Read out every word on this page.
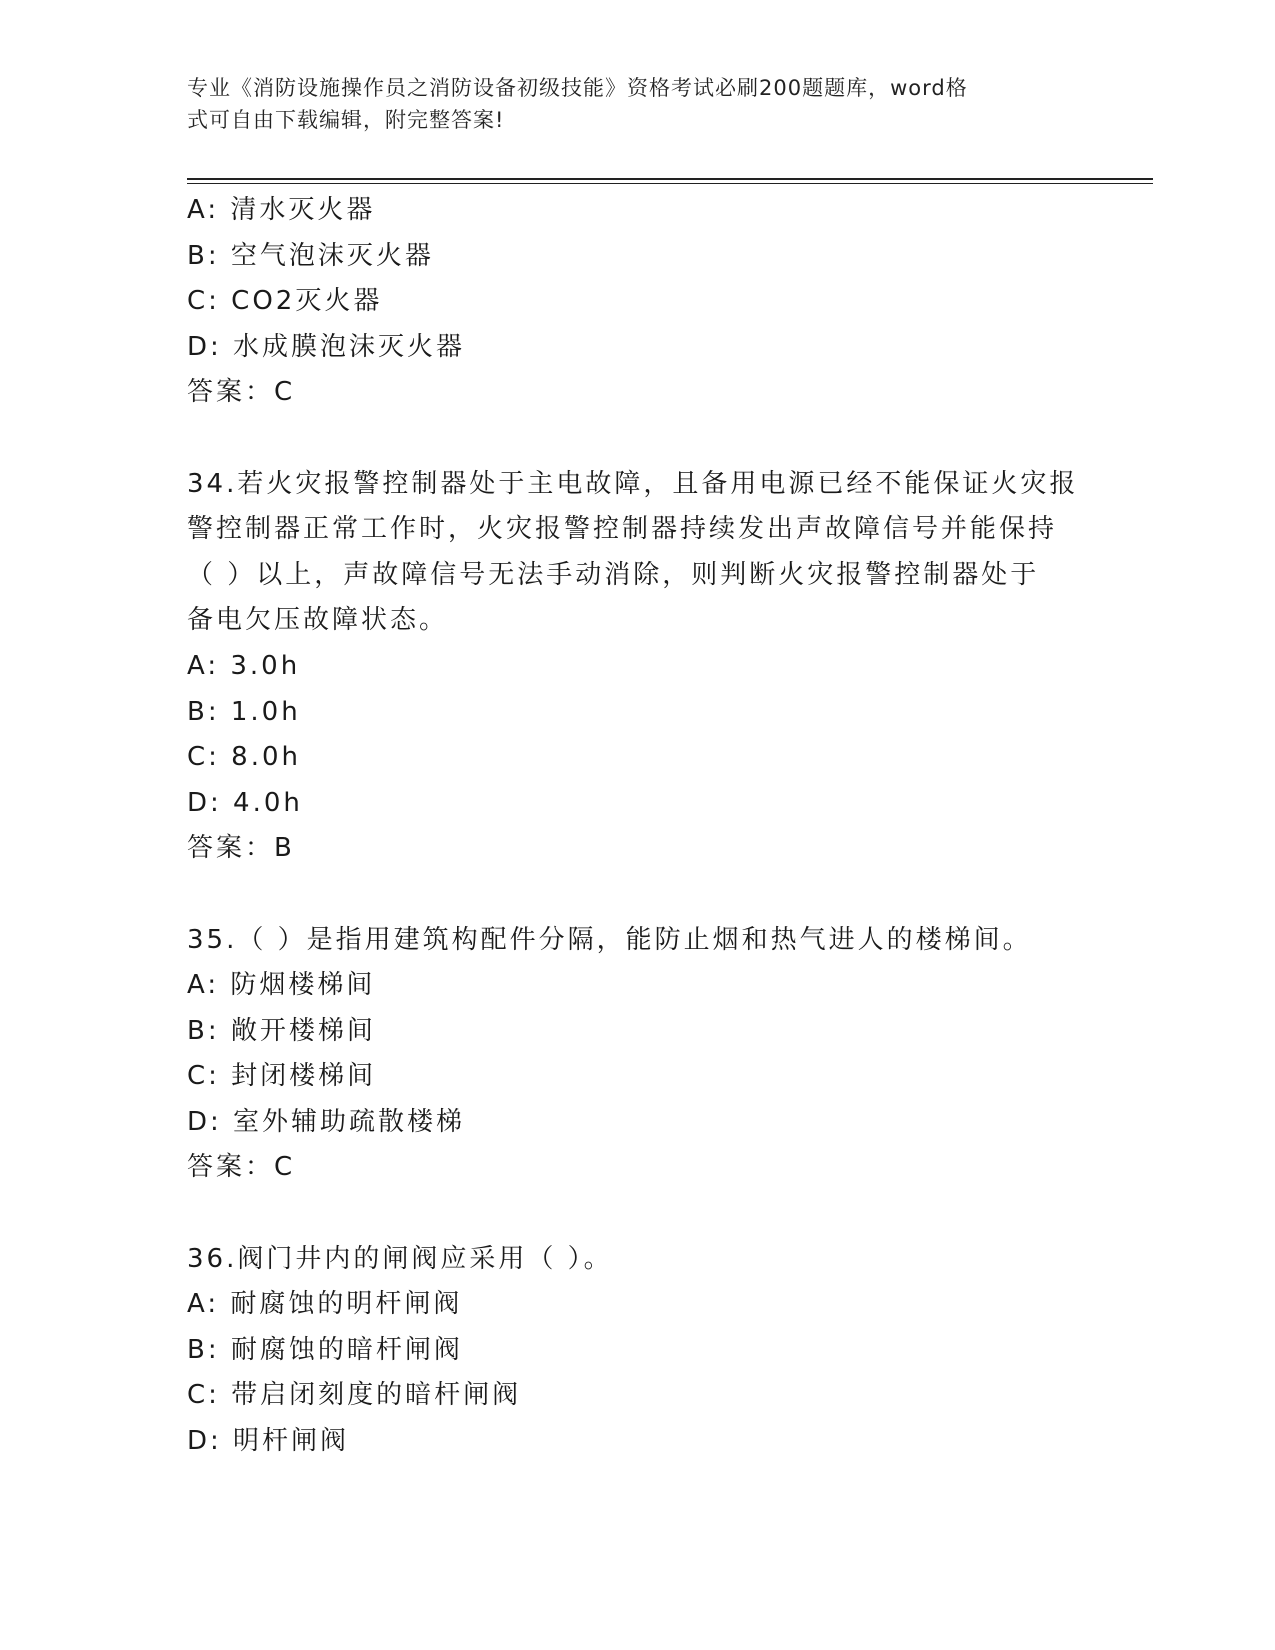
专业《消防设施操作员之消防设备初级技能》资格考试必刷200题题库，word格
式可自由下载编辑，附完整答案!
A: 清水灭火器
B: 空气泡沫灭火器
C: CO2灭火器
D: 水成膜泡沫灭火器
答案：C
34.若火灾报警控制器处于主电故障，且备用电源已经不能保证火灾报
警控制器正常工作时，火灾报警控制器持续发出声故障信号并能保持
（ ）以上，声故障信号无法手动消除，则判断火灾报警控制器处于
备电欠压故障状态。
A: 3.0h
B: 1.0h
C: 8.0h
D: 4.0h
答案：B
35.（ ）是指用建筑构配件分隔，能防止烟和热气进人的楼梯间。
A: 防烟楼梯间
B: 敞开楼梯间
C: 封闭楼梯间
D: 室外辅助疏散楼梯
答案：C
36.阀门井内的闸阀应采用（ ）。
A: 耐腐蚀的明杆闸阀
B: 耐腐蚀的暗杆闸阀
C: 带启闭刻度的暗杆闸阀
D: 明杆闸阀
